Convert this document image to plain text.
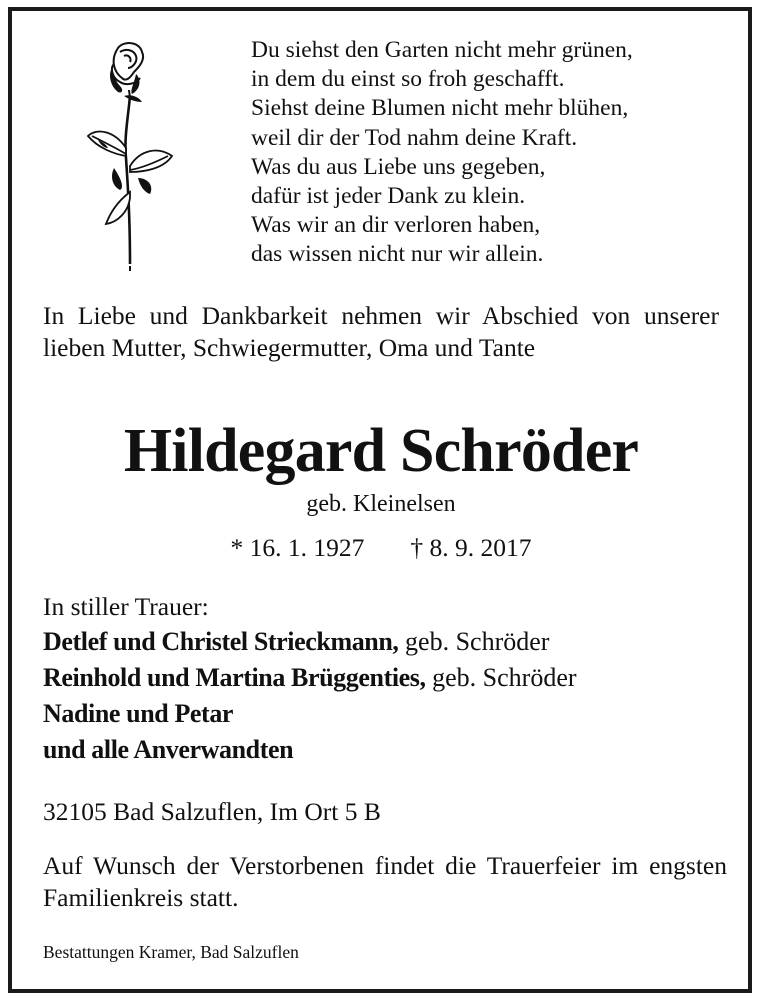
Du siehst den Garten nicht mehr grünen,
in dem du einst so froh geschafft.
Siehst deine Blumen nicht mehr blühen,
weil dir der Tod nahm deine Kraft.
Was du aus Liebe uns gegeben,
dafür ist jeder Dank zu klein.
Was wir an dir verloren haben,
das wissen nicht nur wir allein.
In Liebe und Dankbarkeit nehmen wir Abschied von unserer lieben Mutter, Schwiegermutter, Oma und Tante
Hildegard Schröder
geb. Kleinelsen
* 16. 1. 1927 † 8. 9. 2017
In stiller Trauer:
Detlef und Christel Strieckmann, geb. Schröder
Reinhold und Martina Brüggenties, geb. Schröder
Nadine und Petar
und alle Anverwandten
32105 Bad Salzuflen, Im Ort 5 B
Auf Wunsch der Verstorbenen findet die Trauerfeier im engsten Familienkreis statt.
Bestattungen Kramer, Bad Salzuflen
